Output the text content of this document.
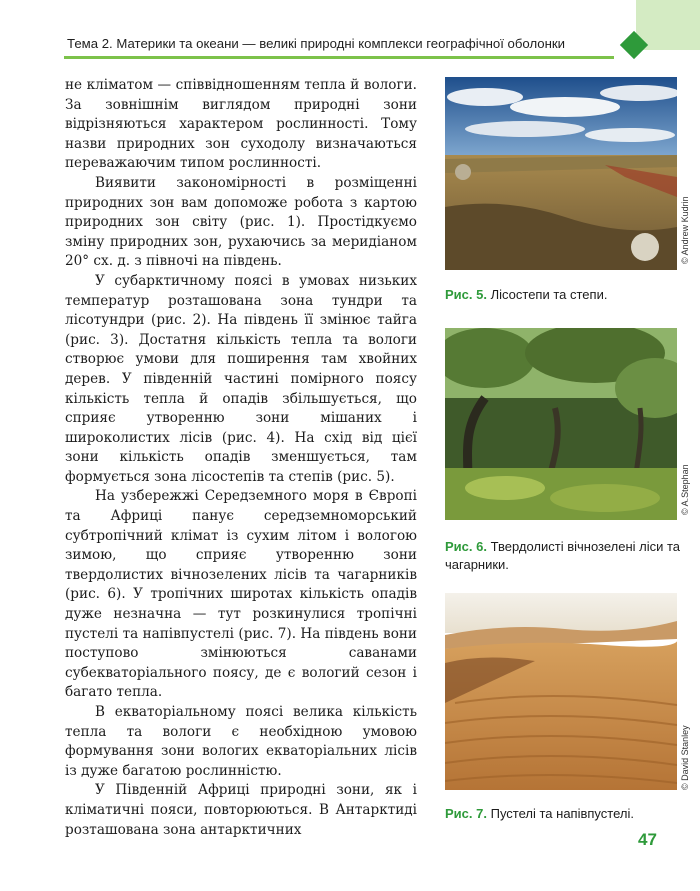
Тема 2. Материки та океани — великі природні комплекси географічної оболонки

не кліматом — співвідношенням тепла й вологи. За зовнішнім виглядом природні зони відрізняються характером рослинності. Тому назви природних зон суходолу визначаються переважаючим типом рослинності.

Виявити закономірності в розміщенні природних зон вам допоможе робота з картою природних зон світу (рис. 1). Простідкуємо зміну природних зон, рухаючись за меридіаном 20° сх. д. з півночі на південь.

У субарктичному поясі в умовах низьких температур розташована зона тундри та лісотундри (рис. 2). На південь її змінює тайга (рис. 3). Достатня кількість тепла та вологи створює умови для поширення там хвойних дерев. У південній частині помірного поясу кількість тепла й опадів збільшується, що сприяє утворенню зони мішаних і широколистих лісів (рис. 4). На схід від цієї зони кількість опадів зменшується, там формується зона лісостепів та степів (рис. 5).

На узбережжі Середземного моря в Європі та Африці панує середземноморський субтропічний клімат із сухим літом і вологою зимою, що сприяє утворенню зони твердолистих вічнозелених лісів та чагарників (рис. 6). У тропічних широтах кількість опадів дуже незначна — тут розкинулися тропічні пустелі та напівпустелі (рис. 7). На південь вони поступово змінюються саванами субекваторіального поясу, де є вологий сезон і багато тепла.

В екваторіальному поясі велика кількість тепла та вологи є необхідною умовою формування зони вологих екваторіальних лісів із дуже багатою рослинністю.

У Південній Африці природні зони, як і кліматичні пояси, повторюються. В Антарктиді розташована зона антарктичних

© Andrew Kudrin
Рис. 5. Лісостепи та степи.
© A.Stephan
Рис. 6. Твердолисті вічнозелені ліси та чагарники.
© David Stanley
Рис. 7. Пустелі та напівпустелі.
47
